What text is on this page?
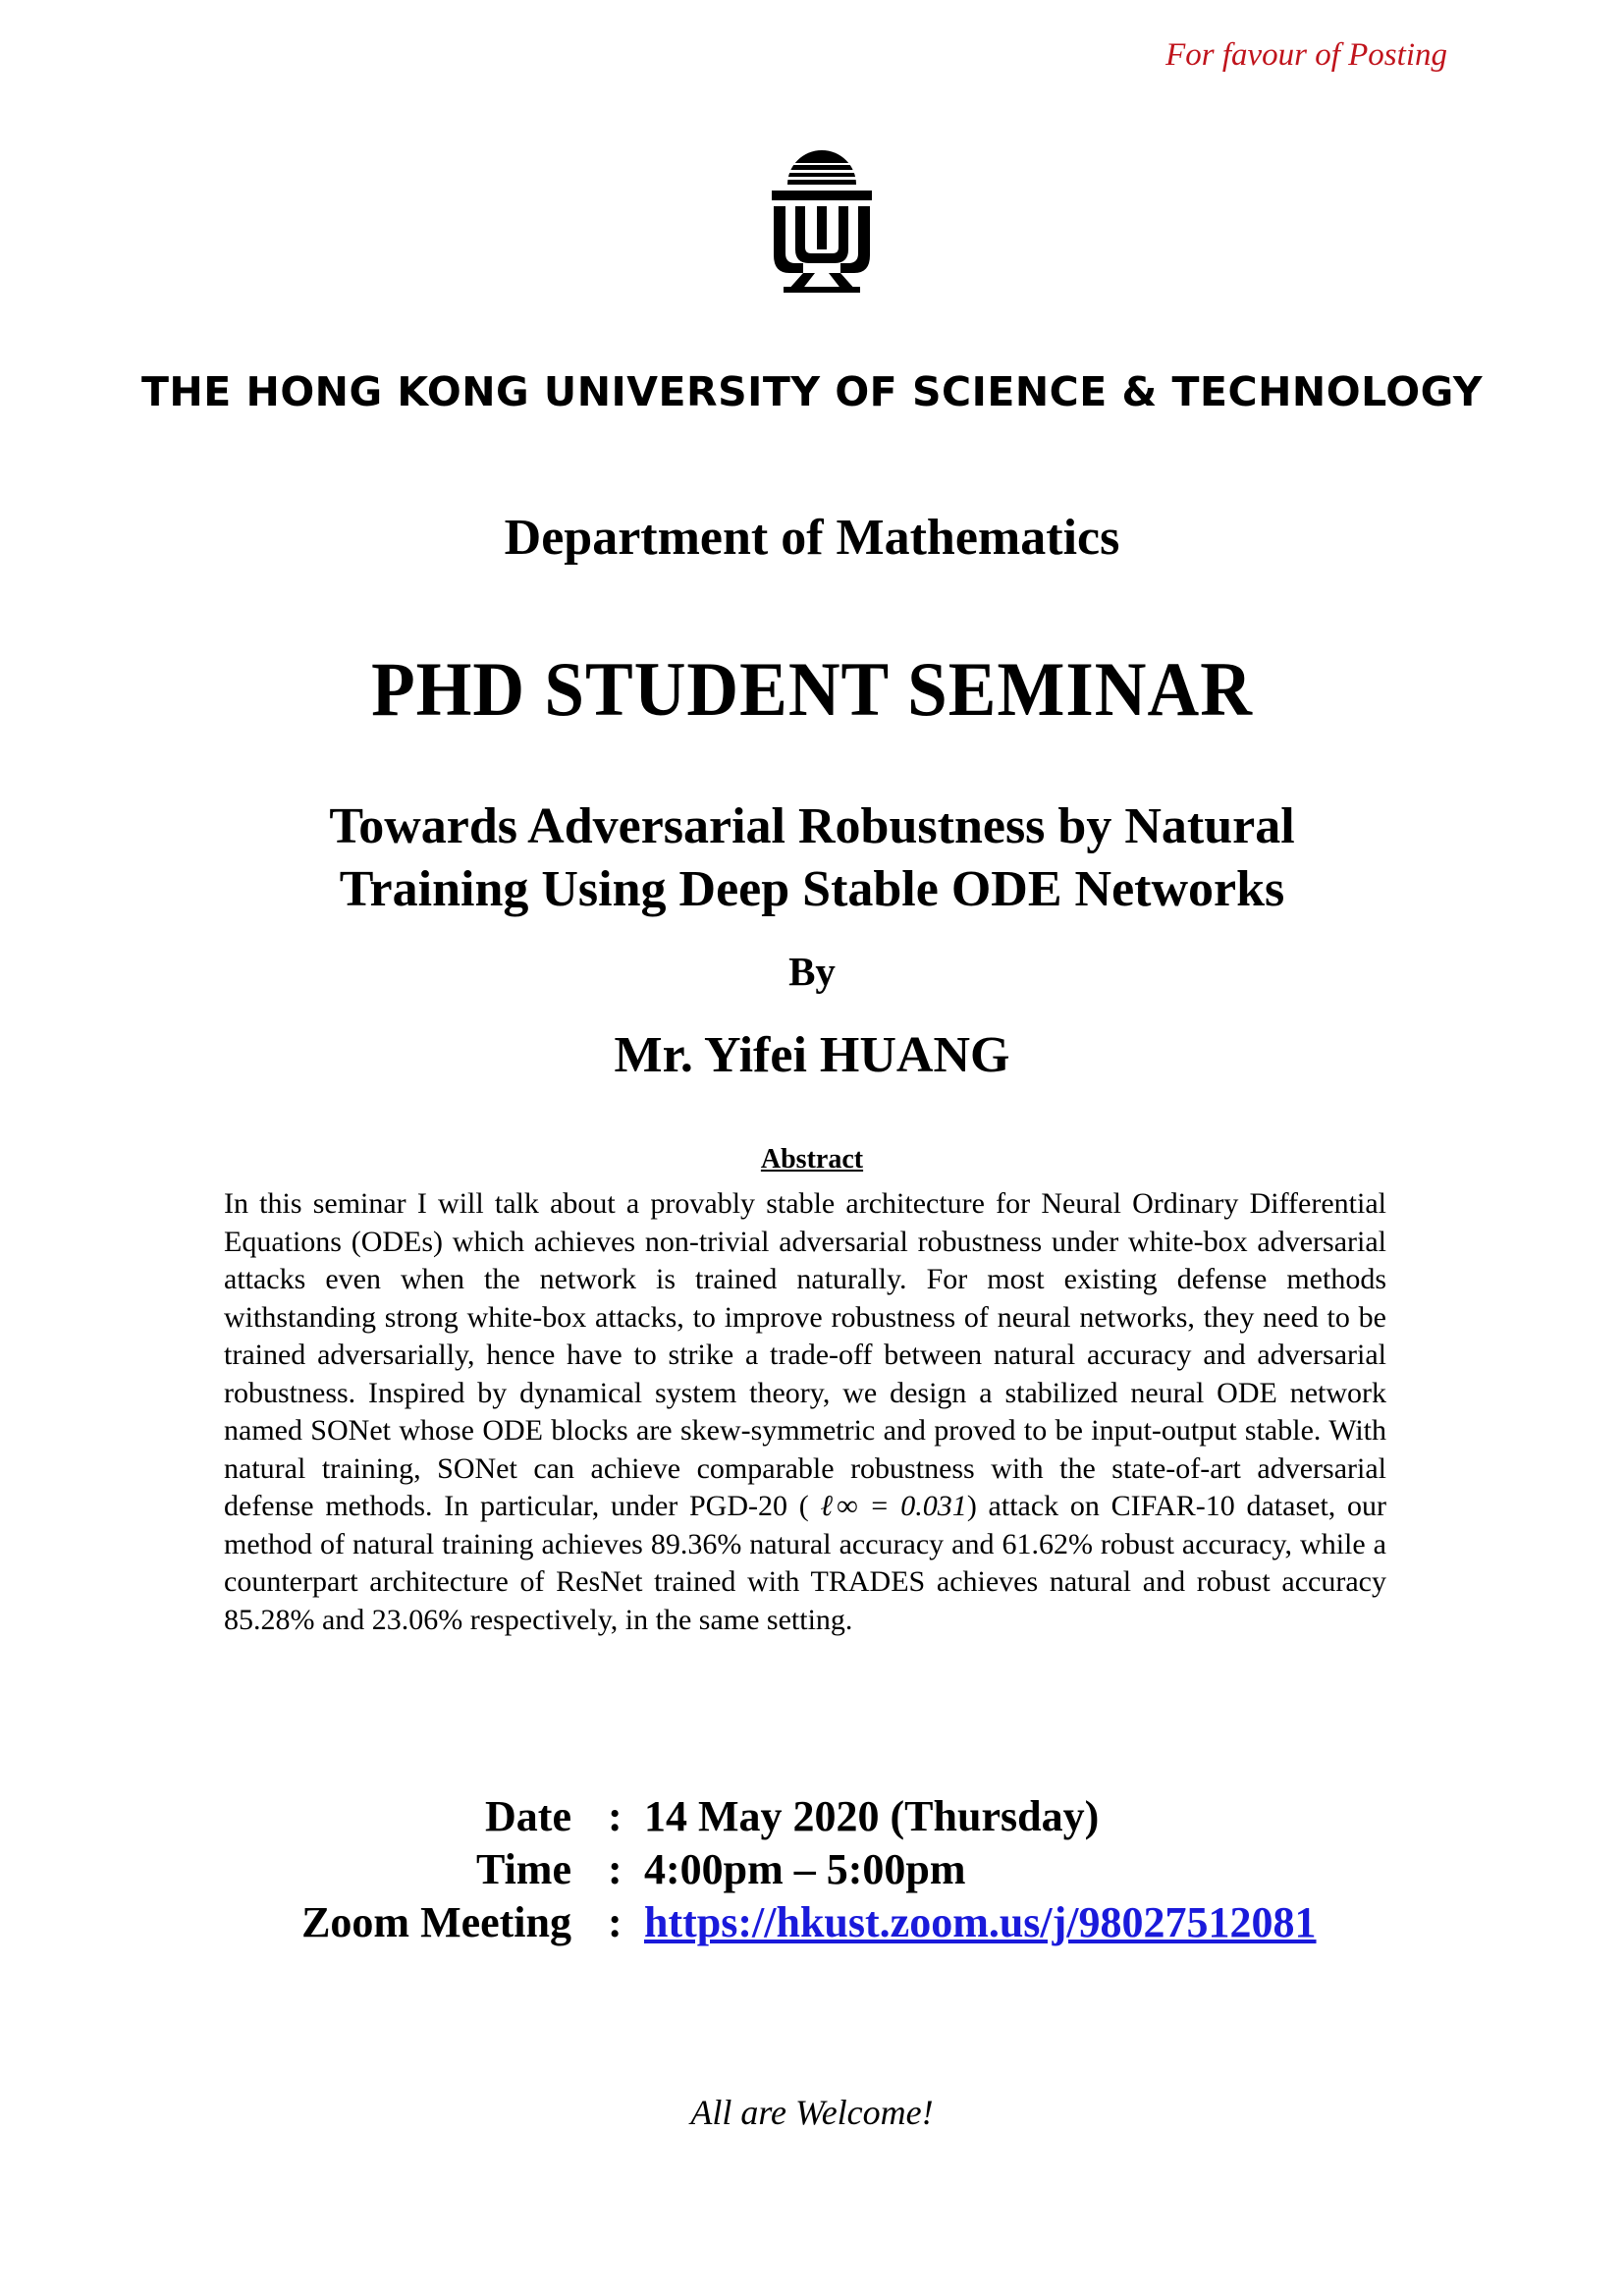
For favour of Posting
THE HONG KONG UNIVERSITY OF SCIENCE & TECHNOLOGY
Department of Mathematics
PHD STUDENT SEMINAR
Towards Adversarial Robustness by Natural
Training Using Deep Stable ODE Networks
By
Mr. Yifei HUANG
Abstract
In this seminar I will talk about a provably stable architecture for Neural Ordinary Differential Equations (ODEs) which achieves non-trivial adversarial robustness under white-box adversarial attacks even when the network is trained naturally. For most existing defense methods withstanding strong white-box attacks, to improve robustness of neural networks, they need to be trained adversarially, hence have to strike a trade-off between natural accuracy and adversarial robustness. Inspired by dynamical system theory, we design a stabilized neural ODE network named SONet whose ODE blocks are skew-symmetric and proved to be input-output stable. With natural training, SONet can achieve comparable robustness with the state-of-art adversarial defense methods. In particular, under PGD-20 ( ℓ∞ = 0.031) attack on CIFAR-10 dataset, our method of natural training achieves 89.36% natural accuracy and 61.62% robust accuracy, while a counterpart architecture of ResNet trained with TRADES achieves natural and robust accuracy 85.28% and 23.06% respectively, in the same setting.
Date : 14 May 2020 (Thursday)
Time : 4:00pm – 5:00pm
Zoom Meeting : https://hkust.zoom.us/j/98027512081
All are Welcome!
